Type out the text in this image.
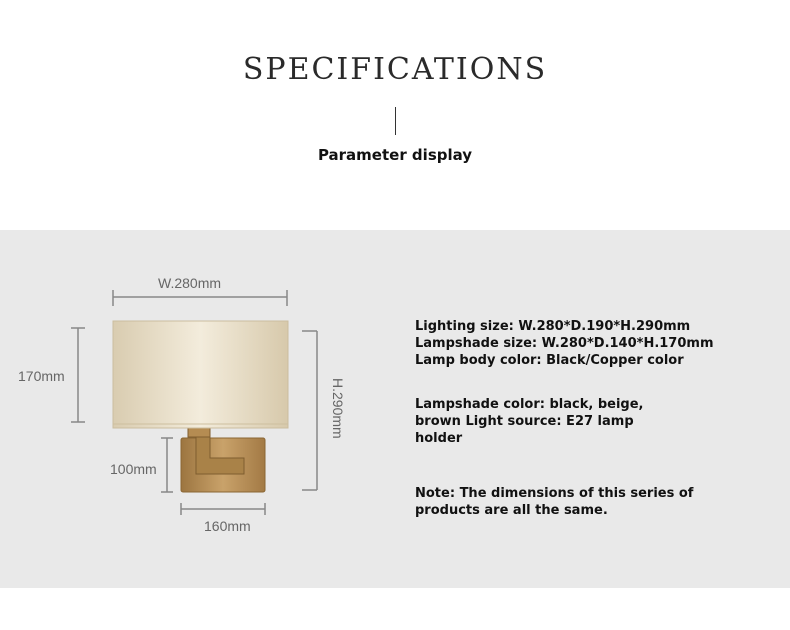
SPECIFICATIONS
Parameter display
W.280mm
170mm
H.290mm
100mm
160mm
Lighting size: W.280*D.190*H.290mm
Lampshade size: W.280*D.140*H.170mm
Lamp body color: Black/Copper color
Lampshade color: black, beige,
brown Light source: E27 lamp
holder
Note: The dimensions of this series of
products are all the same.
